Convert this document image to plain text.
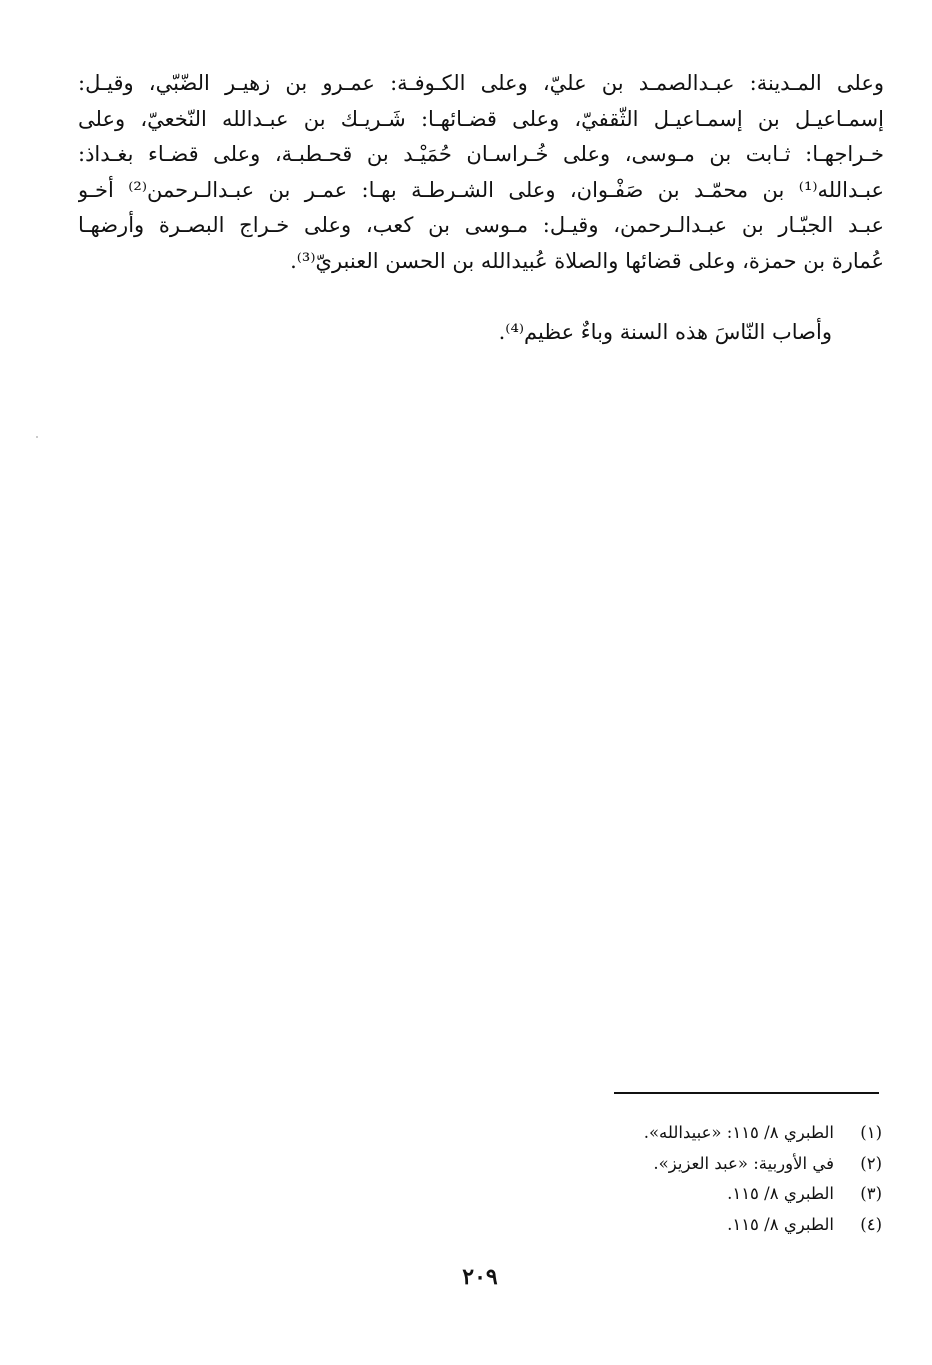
وعلى المـدينة: عبـدالصمـد بن عليّ، وعلى الكـوفـة: عمـرو بن زهيـر الضّبّي، وقيـل:
إسمـاعيـل بن إسمـاعيـل الثّقفيّ، وعلى قضـائهـا: شَـريـك بن عبـدالله النّخعيّ، وعلى
خـراجهـا: ثـابت بن مـوسى، وعلى خُـراسـان حُمَيْـد بن قحـطبـة، وعلى قضـاء بغـداذ:
عبـدالله⁽¹⁾ بن محمّـد بن صَفْـوان، وعلى الشـرطـة بهـا: عمـر بن عبـدالـرحمن⁽²⁾ أخـو
عبـد الجبّـار بن عبـدالـرحمن، وقيـل: مـوسى بن كعب، وعلى خـراج البصـرة وأرضهـا
عُمارة بن حمزة، وعلى قضائها والصلاة عُبيدالله بن الحسن العنبريّ⁽³⁾.
وأصاب النّاسَ هذه السنة وباءٌ عظيم⁽⁴⁾.
(١)
الطبري ٨/ ١١٥: «عبيدالله».
(٢)
في الأوربية: «عبد العزيز».
(٣)
الطبري ٨/ ١١٥.
(٤)
الطبري ٨/ ١١٥.
٢٠٩
